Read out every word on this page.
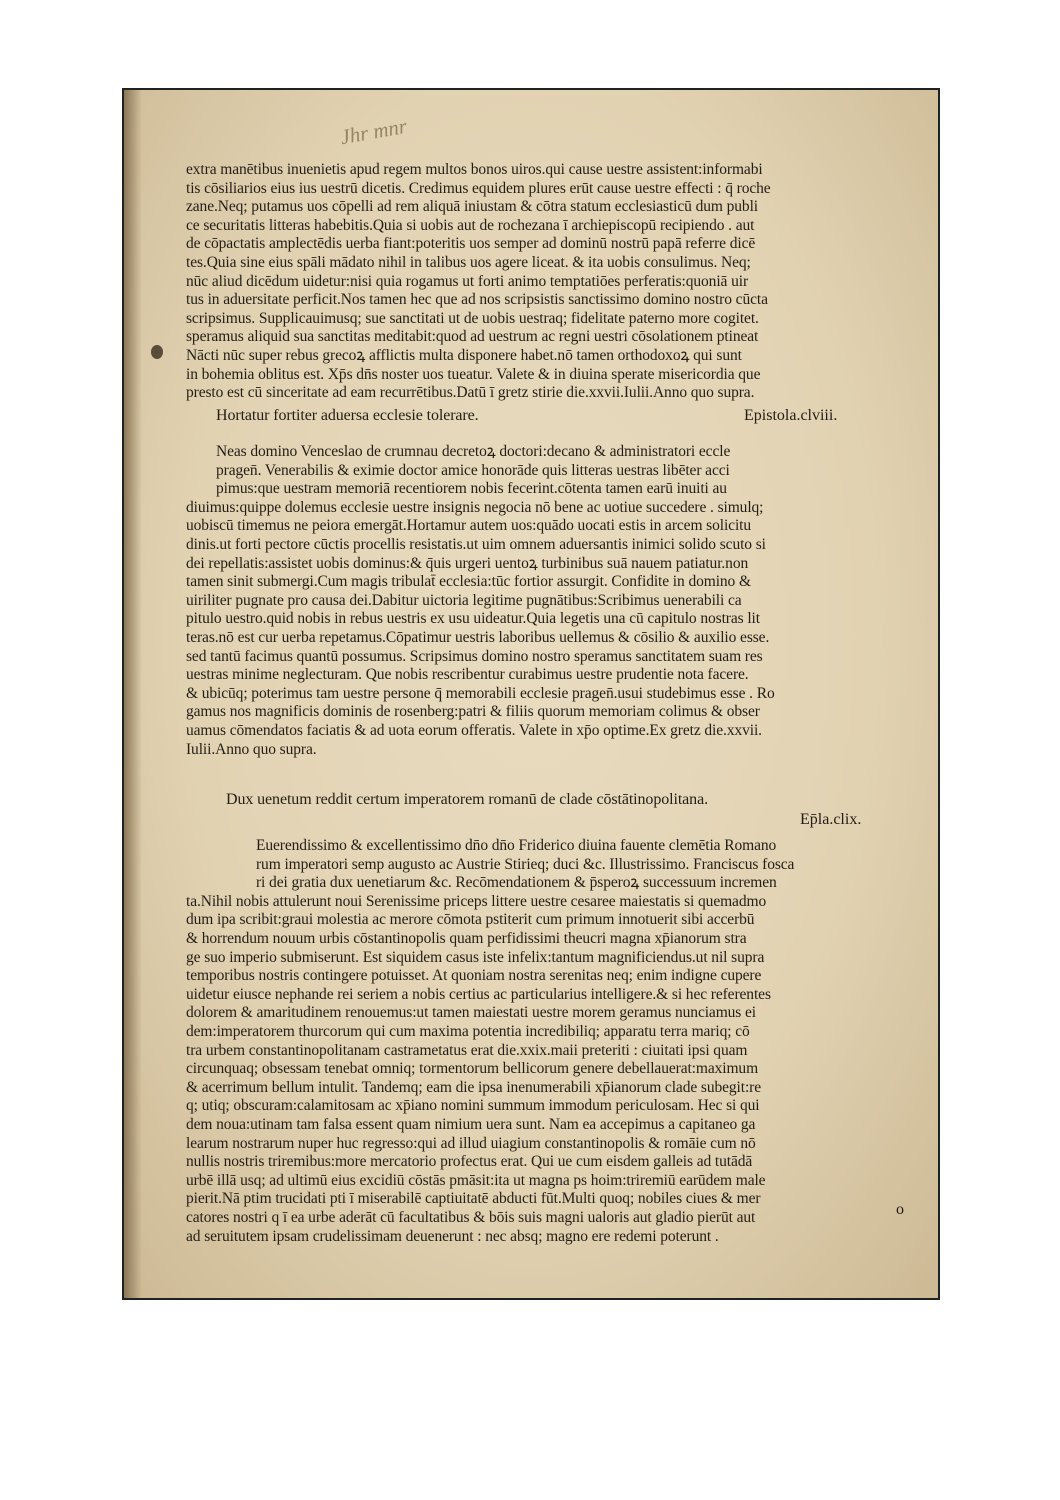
Jhr mnr
extra manētibus inuenietis apud regem multos bonos uiros.qui cause uestre assistent:informabi
tis cōsiliarios eius ius uestrū dicetis. Credimus equidem plures erūt cause uestre effecti : q̄ roche
zane.Neq; putamus uos cōpelli ad rem aliquā iniustam & cōtra statum ecclesiasticū dum publi
ce securitatis litteras habebitis.Quia si uobis aut de rochezana ī archiepiscopū recipiendo . aut
de cōpactatis amplectēdis uerba fiant:poteritis uos semper ad dominū nostrū papā referre dicē
tes.Quia sine eius spāli mādato nihil in talibus uos agere liceat. & ita uobis consulimus. Neq;
nūc aliud dicēdum uidetur:nisi quia rogamus ut forti animo temptatiōes perferatis:quoniā uir
tus in aduersitate perficit.Nos tamen hec que ad nos scripsistis sanctissimo domino nostro cūcta
scripsimus. Supplicauimusq; sue sanctitati ut de uobis uestraq; fidelitate paterno more cogitet.
speramus aliquid sua sanctitas meditabit:quod ad uestrum ac regni uestri cōsolationem ptineat
Nācti nūc super rebus grecoꝝ afflictis multa disponere habet.nō tamen orthodoxoꝝ qui sunt
in bohemia oblitus est. Xp̄s dn̄s noster uos tueatur. Valete & in diuina sperate misericordia que
presto est cū sinceritate ad eam recurrētibus.Datū ī gretz stirie die.xxvii.Iulii.Anno quo supra.
Hortatur fortiter aduersa ecclesie tolerare.	Epistola.clviii.
Neas domino Venceslao de crumnau decretoꝝ doctori:decano & administratori eccle
pragen̄. Venerabilis & eximie doctor amice honorāde quis litteras uestras libēter acci
pimus:que uestram memoriā recentiorem nobis fecerint.cōtenta tamen earū inuiti au
diuimus:quippe dolemus ecclesie uestre insignis negocia nō bene ac uotiue succedere . simulq;
uobiscū timemus ne peiora emergāt.Hortamur autem uos:quādo uocati estis in arcem solicitu
dinis.ut forti pectore cūctis procellis resistatis.ut uim omnem aduersantis inimici solido scuto si
dei repellatis:assistet uobis dominus:& q̄uis urgeri uentoꝝ turbinibus suā nauem patiatur.non
tamen sinit submergi.Cum magis tribulat̄ ecclesia:tūc fortior assurgit. Confidite in domino &
uiriliter pugnate pro causa dei.Dabitur uictoria legitime pugnātibus:Scribimus uenerabili ca
pitulo uestro.quid nobis in rebus uestris ex usu uideatur.Quia legetis una cū capitulo nostras lit
teras.nō est cur uerba repetamus.Cōpatimur uestris laboribus uellemus & cōsilio & auxilio esse.
sed tantū facimus quantū possumus. Scripsimus domino nostro speramus sanctitatem suam res
uestras minime neglecturam. Que nobis rescribentur curabimus uestre prudentie nota facere.
& ubicūq; poterimus tam uestre persone q̄ memorabili ecclesie pragen̄.usui studebimus esse . Ro
gamus nos magnificis dominis de rosenberg:patri & filiis quorum memoriam colimus & obser
uamus cōmendatos faciatis & ad uota eorum offeratis. Valete in xp̄o optime.Ex gretz die.xxvii.
Iulii.Anno quo supra.
Dux uenetum reddit certum imperatorem romanū de clade cōstātinopolitana.
Ep̄la.clix.
Euerendissimo & excellentissimo dn̄o dn̄o Friderico diuina fauente clemētia Romano
rum imperatori semp augusto ac Austrie Stirieq; duci &c. Illustrissimo. Franciscus fosca
ri dei gratia dux uenetiarum &c. Recōmendationem & p̄speroꝝ successuum incremen
ta.Nihil nobis attulerunt noui Serenissime priceps littere uestre cesaree maiestatis si quemadmo
dum ipa scribit:graui molestia ac merore cōmota pstiterit cum primum innotuerit sibi accerbū
& horrendum nouum urbis cōstantinopolis quam perfidissimi theucri magna xp̄ianorum stra
ge suo imperio submiserunt. Est siquidem casus iste infelix:tantum magnificiendus.ut nil supra
temporibus nostris contingere potuisset. At quoniam nostra serenitas neq; enim indigne cupere
uidetur eiusce nephande rei seriem a nobis certius ac particularius intelligere.& si hec referentes
dolorem & amaritudinem renouemus:ut tamen maiestati uestre morem geramus nunciamus ei
dem:imperatorem thurcorum qui cum maxima potentia incredibiliq; apparatu terra mariq; cō
tra urbem constantinopolitanam castrametatus erat die.xxix.maii preteriti : ciuitati ipsi quam
circunquaq; obsessam tenebat omniq; tormentorum bellicorum genere debellauerat:maximum
& acerrimum bellum intulit. Tandemq; eam die ipsa inenumerabili xp̄ianorum clade subegit:re
q; utiq; obscuram:calamitosam ac xp̄iano nomini summum immodum periculosam. Hec si qui
dem noua:utinam tam falsa essent quam nimium uera sunt. Nam ea accepimus a capitaneo ga
learum nostrarum nuper huc regresso:qui ad illud uiagium constantinopolis & romāie cum nō
nullis nostris triremibus:more mercatorio profectus erat. Qui ue cum eisdem galleis ad tutādā
urbē illā usq; ad ultimū eius excidiū cōstās pmāsit:ita ut magna ps hoim:triremiū earūdem male
pierit.Nā ptim trucidati pti ī miserabilē captiuitatē abducti fūt.Multi quoq; nobiles ciues & mer
catores nostri q ī ea urbe aderāt cū facultatibus & bōis suis magni ualoris aut gladio pierūt aut
ad seruitutem ipsam crudelissimam deuenerunt : nec absq; magno ere redemi poterunt .
o
